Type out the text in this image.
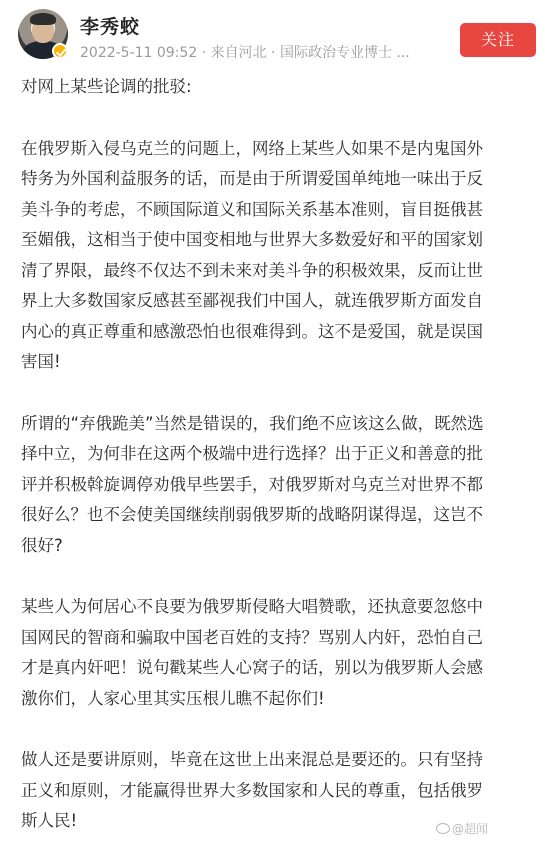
李秀蛟
2022-5-11 09:52 · 来自河北 · 国际政治专业博士 ...
关注
对网上某些论调的批驳:
在俄罗斯入侵乌克兰的问题上，网络上某些人如果不是内鬼国外
特务为外国利益服务的话，而是由于所谓爱国单纯地一味出于反
美斗争的考虑，不顾国际道义和国际关系基本准则，盲目挺俄甚
至媚俄，这相当于使中国变相地与世界大多数爱好和平的国家划
清了界限，最终不仅达不到未来对美斗争的积极效果，反而让世
界上大多数国家反感甚至鄙视我们中国人，就连俄罗斯方面发自
内心的真正尊重和感激恐怕也很难得到。这不是爱国，就是误国
害国!
所谓的“弃俄跪美”当然是错误的，我们绝不应该这么做，既然选
择中立，为何非在这两个极端中进行选择？出于正义和善意的批
评并积极斡旋调停劝俄早些罢手，对俄罗斯对乌克兰对世界不都
很好么？也不会使美国继续削弱俄罗斯的战略阴谋得逞，这岂不
很好?
某些人为何居心不良要为俄罗斯侵略大唱赞歌，还执意要忽悠中
国网民的智商和骗取中国老百姓的支持？骂别人内奸，恐怕自己
才是真内奸吧！说句戳某些人心窝子的话，别以为俄罗斯人会感
激你们，人家心里其实压根儿瞧不起你们!
做人还是要讲原则，毕竟在这世上出来混总是要还的。只有坚持
正义和原则，才能赢得世界大多数国家和人民的尊重，包括俄罗
斯人民!	@超闻
